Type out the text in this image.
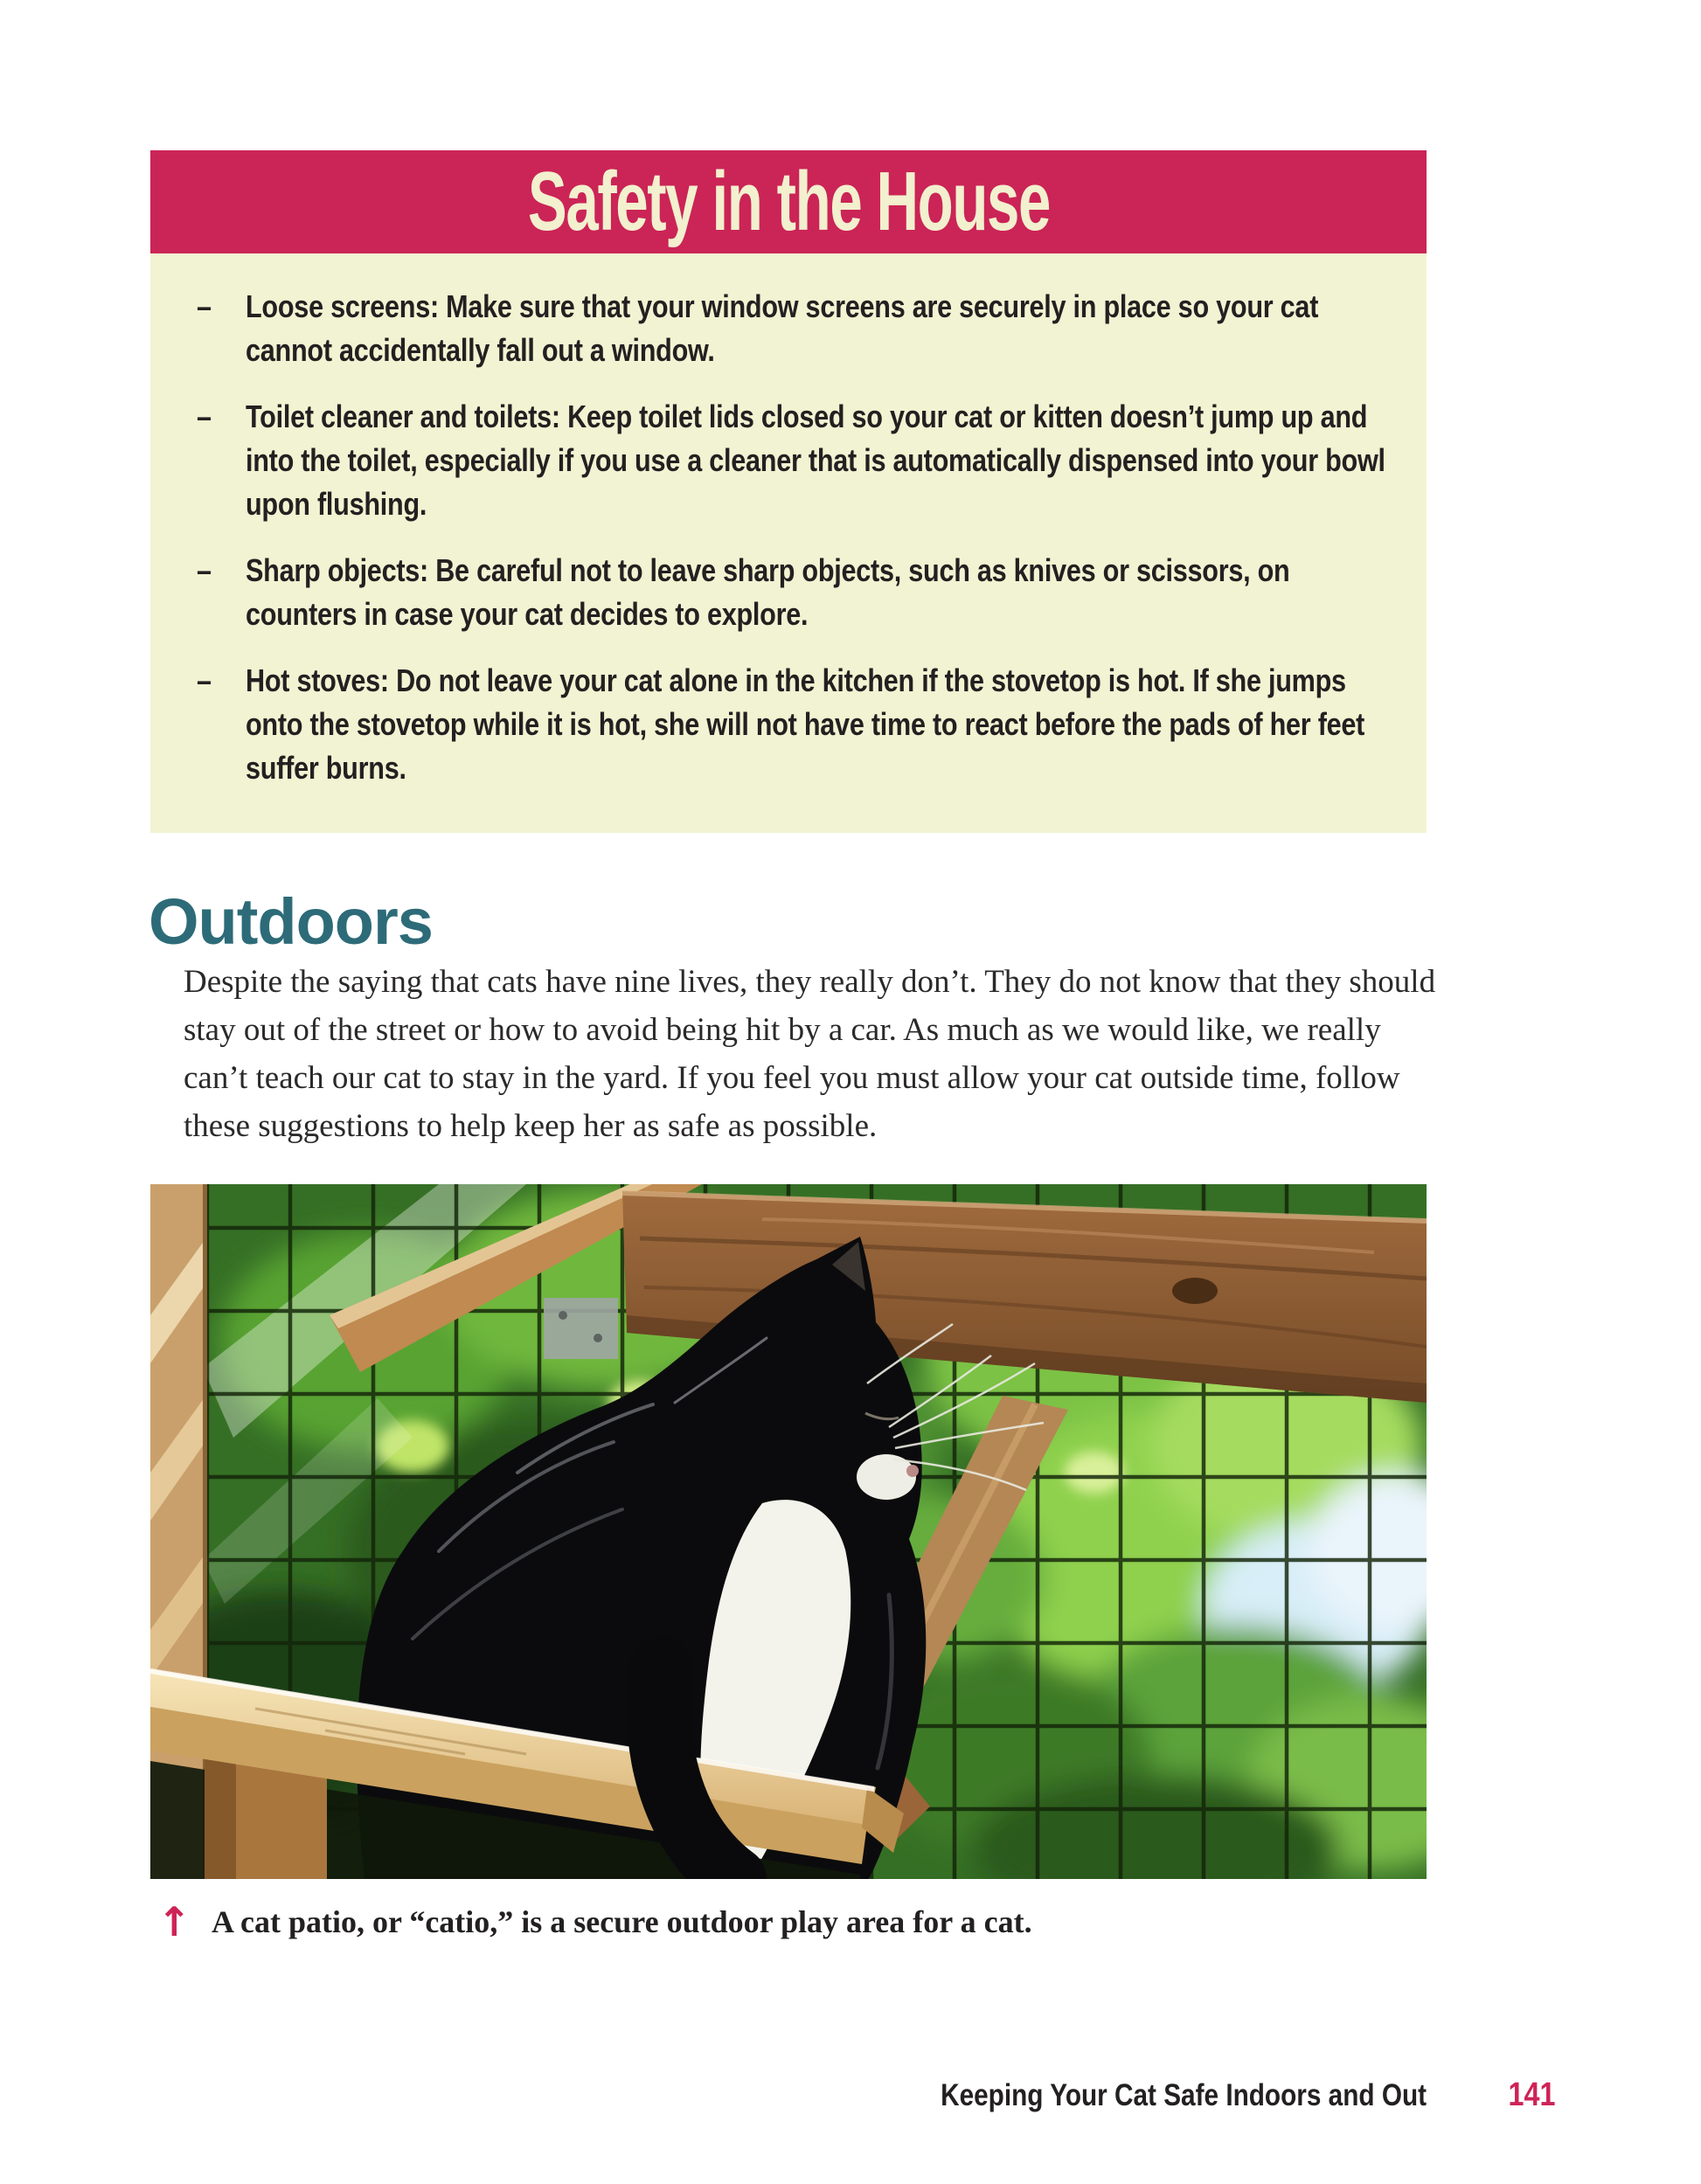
Safety in the House
–	Loose screens: Make sure that your window screens are securely in place so your cat cannot accidentally fall out a window.
–	Toilet cleaner and toilets: Keep toilet lids closed so your cat or kitten doesn’t jump up and into the toilet, especially if you use a cleaner that is automatically dispensed into your bowl upon flushing.
–	Sharp objects: Be careful not to leave sharp objects, such as knives or scissors, on counters in case your cat decides to explore.
–	Hot stoves: Do not leave your cat alone in the kitchen if the stovetop is hot. If she jumps onto the stovetop while it is hot, she will not have time to react before the pads of her feet suffer burns.
Outdoors
Despite the saying that cats have nine lives, they really don’t. They do not know that they should stay out of the street or how to avoid being hit by a car. As much as we would like, we really can’t teach our cat to stay in the yard. If you feel you must allow your cat outside time, follow these suggestions to help keep her as safe as possible.
↑ A cat patio, or “catio,” is a secure outdoor play area for a cat.
Keeping Your Cat Safe Indoors and Out 141
